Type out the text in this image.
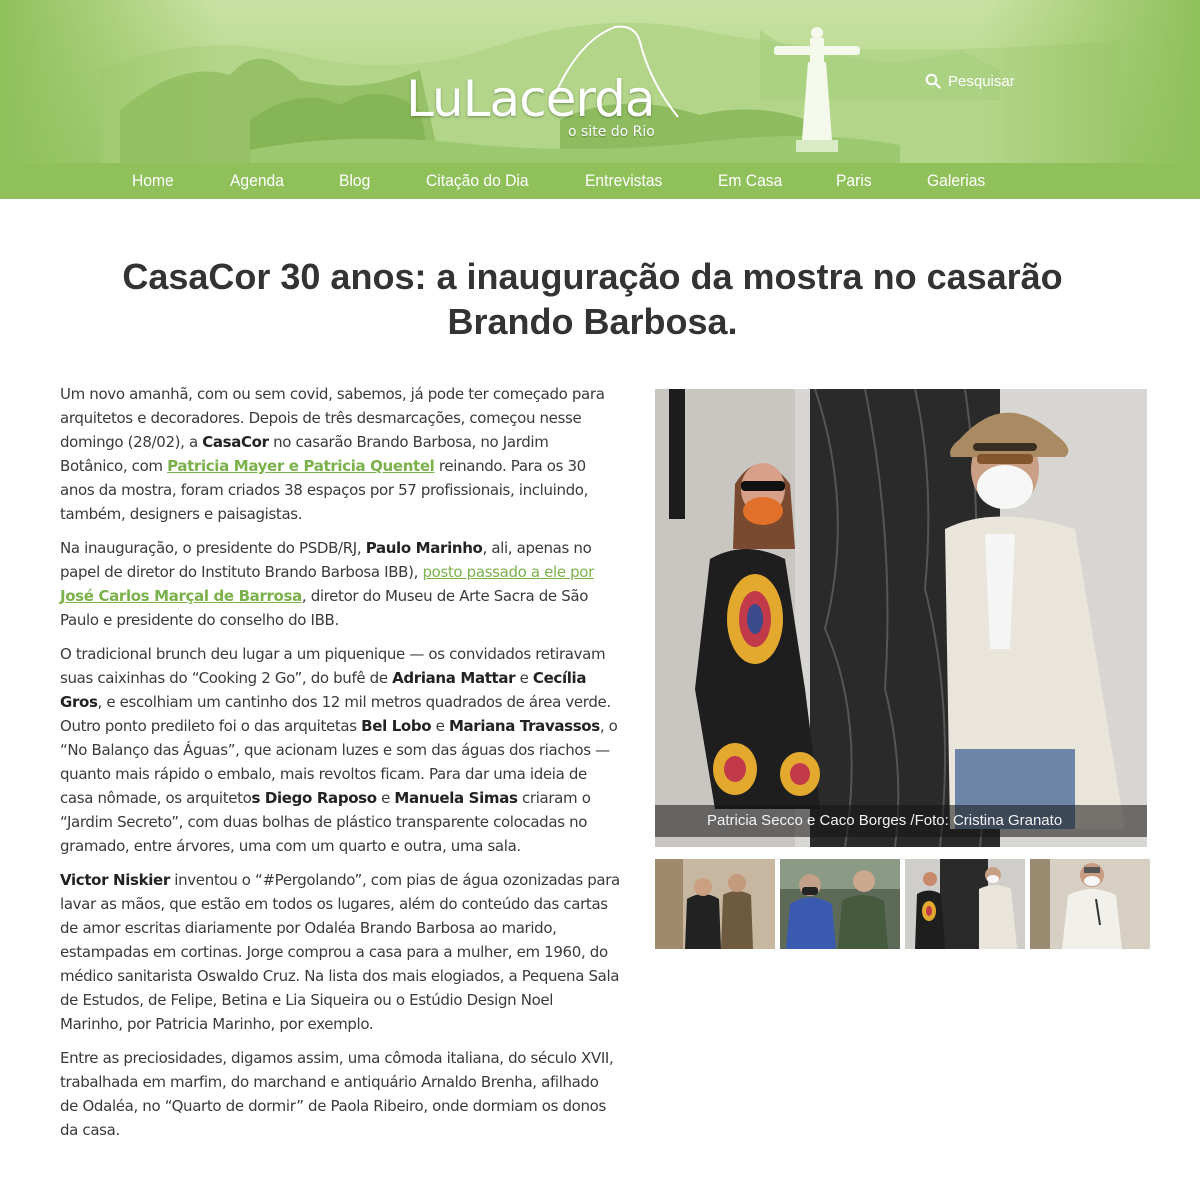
LuLacerda
o site do Rio
Pesquisar
Home	Agenda	Blog	Citação do Dia	Entrevistas	Em Casa	Paris	Galerias
CasaCor 30 anos: a inauguração da mostra no casarão Brando Barbosa.

Um novo amanhã, com ou sem covid, sabemos, já pode ter começado para arquitetos e decoradores. Depois de três desmarcações, começou nesse domingo (28/02), a CasaCor no casarão Brando Barbosa, no Jardim Botânico, com Patricia Mayer e Patricia Quentel reinando. Para os 30 anos da mostra, foram criados 38 espaços por 57 profissionais, incluindo, também, designers e paisagistas.

Na inauguração, o presidente do PSDB/RJ, Paulo Marinho, ali, apenas no papel de diretor do Instituto Brando Barbosa IBB), posto passado a ele por José Carlos Marçal de Barrosa, diretor do Museu de Arte Sacra de São Paulo e presidente do conselho do IBB.

O tradicional brunch deu lugar a um piquenique — os convidados retiravam suas caixinhas do “Cooking 2 Go”, do bufê de Adriana Mattar e Cecília Gros, e escolhiam um cantinho dos 12 mil metros quadrados de área verde. Outro ponto predileto foi o das arquitetas Bel Lobo e Mariana Travassos, o “No Balanço das Águas”, que acionam luzes e som das águas dos riachos — quanto mais rápido o embalo, mais revoltos ficam. Para dar uma ideia de casa nômade, os arquitetos Diego Raposo e Manuela Simas criaram o “Jardim Secreto”, com duas bolhas de plástico transparente colocadas no gramado, entre árvores, uma com um quarto e outra, uma sala.

Victor Niskier inventou o “#Pergolando”, com pias de água ozonizadas para lavar as mãos, que estão em todos os lugares, além do conteúdo das cartas de amor escritas diariamente por Odaléa Brando Barbosa ao marido, estampadas em cortinas. Jorge comprou a casa para a mulher, em 1960, do médico sanitarista Oswaldo Cruz. Na lista dos mais elogiados, a Pequena Sala de Estudos, de Felipe, Betina e Lia Siqueira ou o Estúdio Design Noel Marinho, por Patricia Marinho, por exemplo.

Entre as preciosidades, digamos assim, uma cômoda italiana, do século XVII, trabalhada em marfim, do marchand e antiquário Arnaldo Brenha, afilhado de Odaléa, no “Quarto de dormir” de Paola Ribeiro, onde dormiam os donos da casa.

Patricia Secco e Caco Borges /Foto: Cristina Granato
